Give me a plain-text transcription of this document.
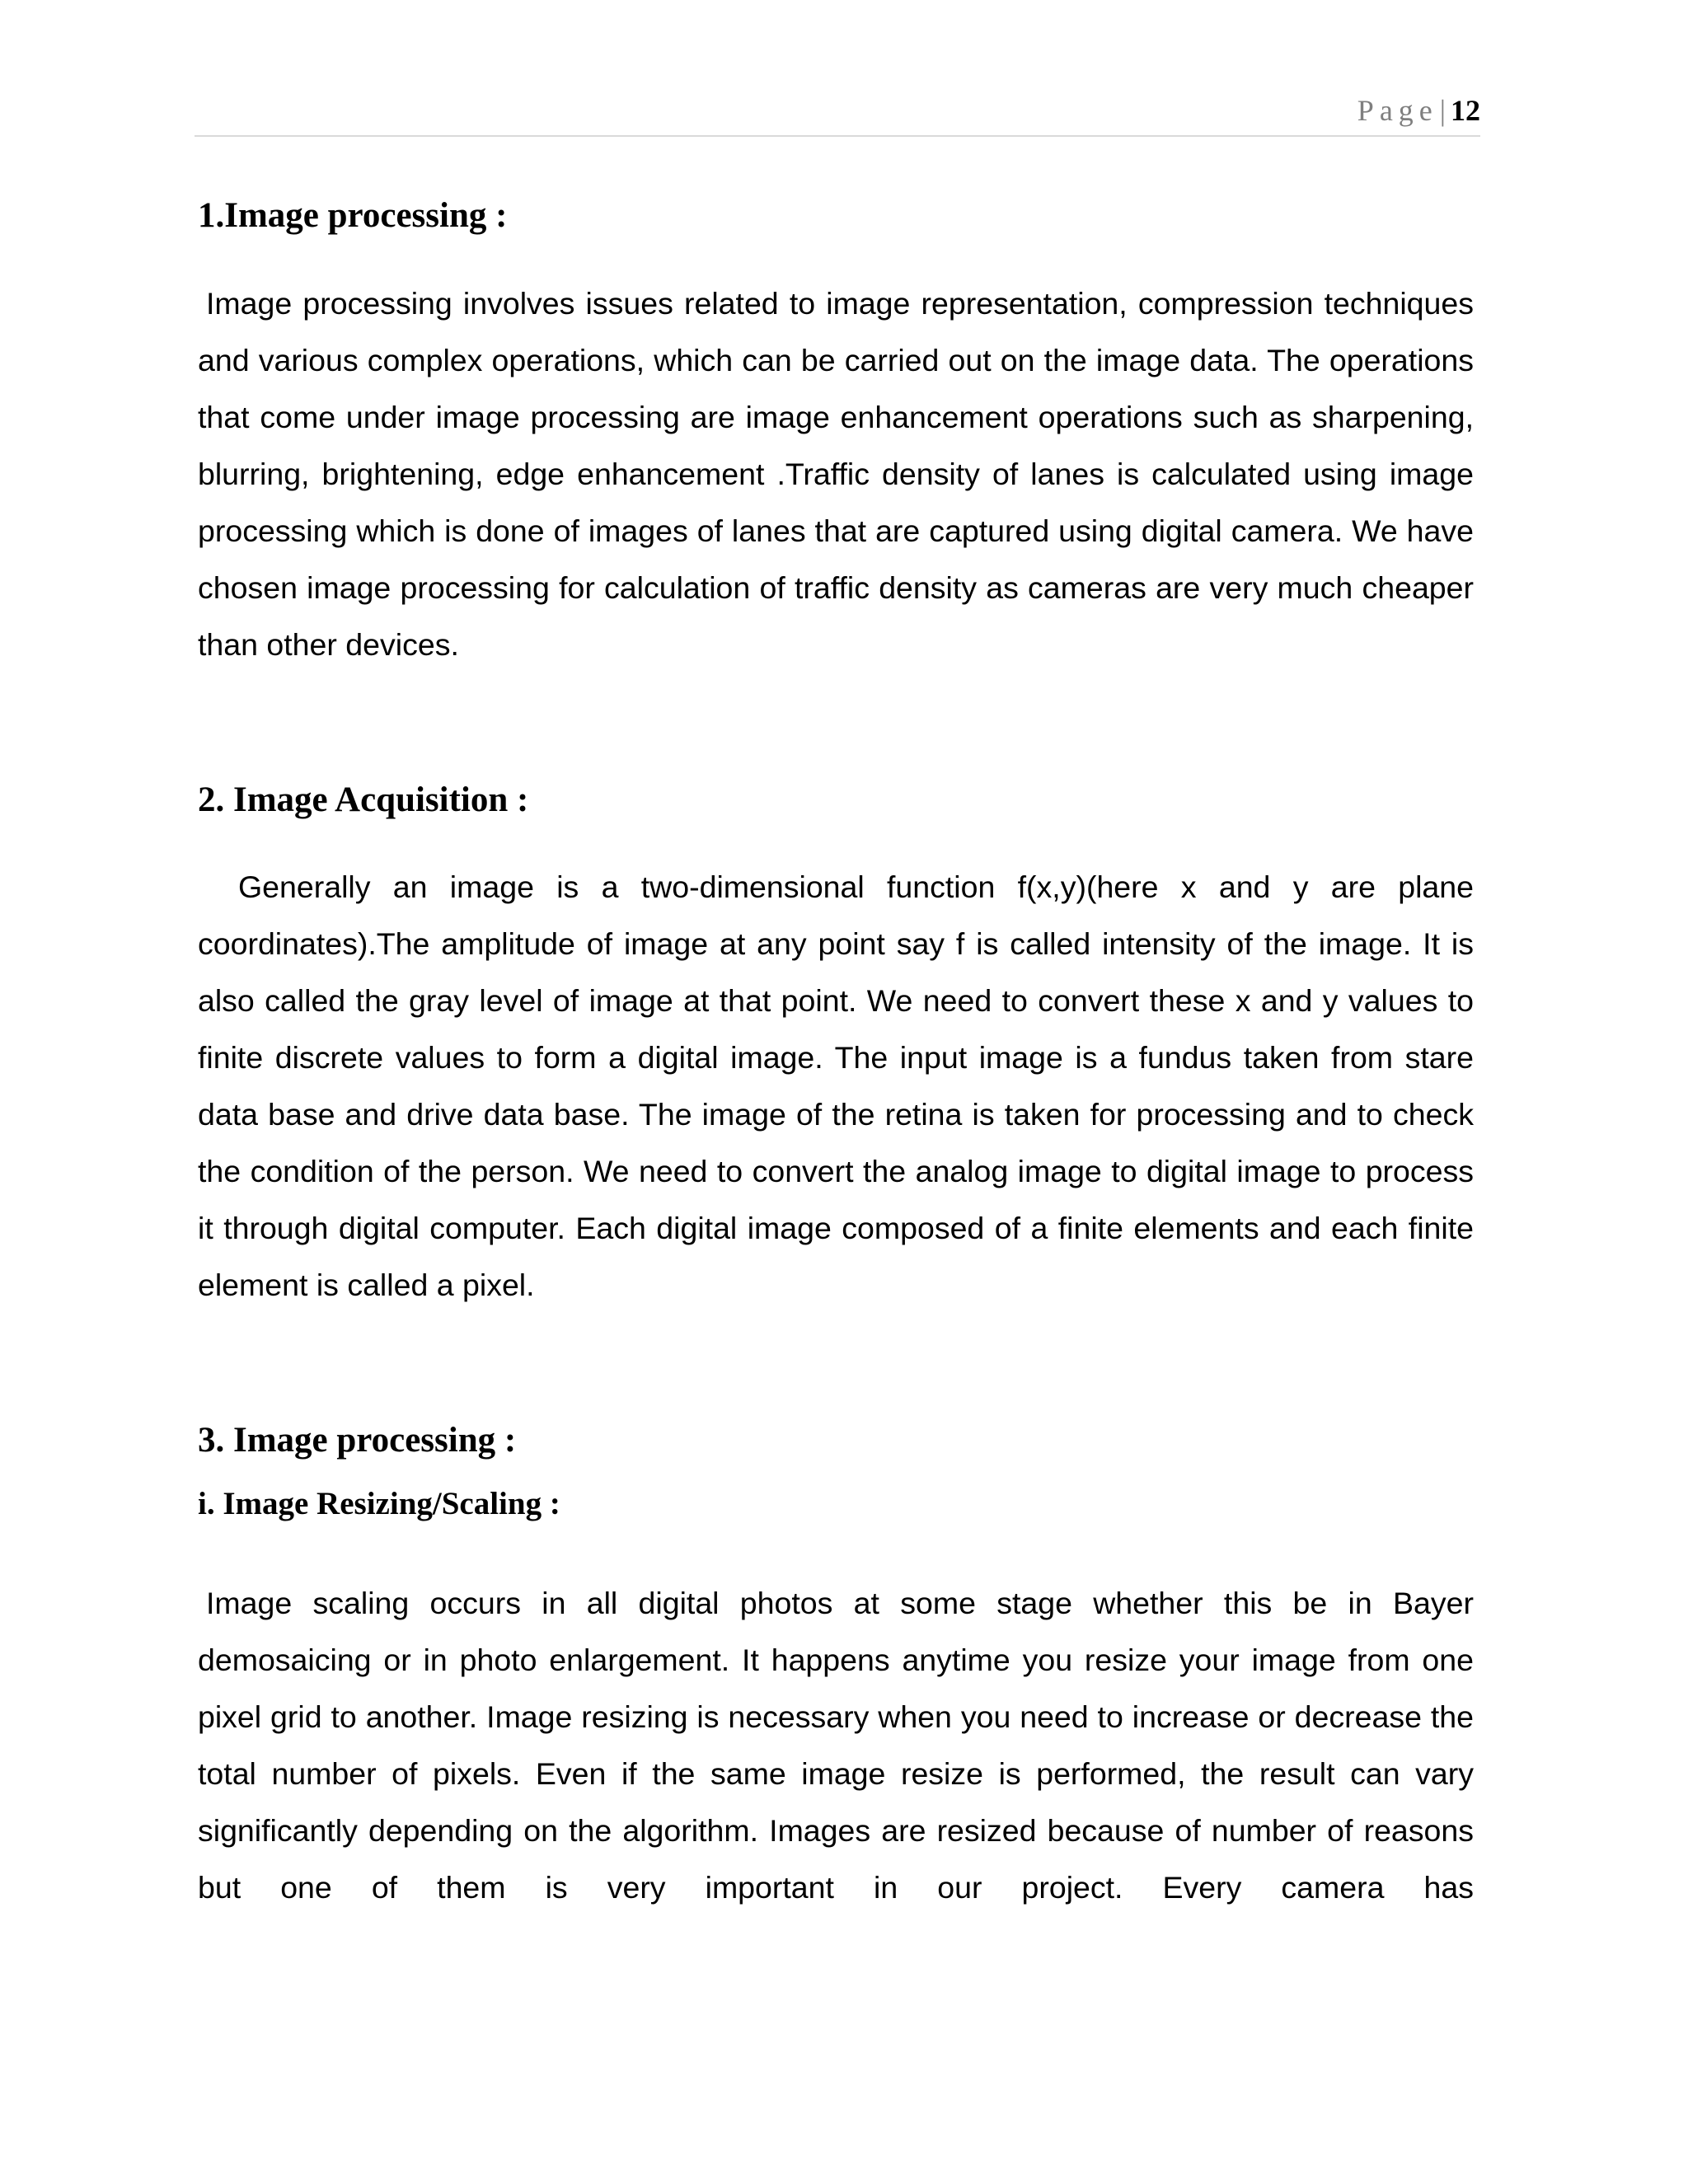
Page| 12
1.Image processing :

Image processing involves issues related to image representation, compression techniques and various complex operations, which can be carried out on the image data. The operations that come under image processing are image enhancement operations such as sharpening, blurring, brightening, edge enhancement .Traffic density of lanes is calculated using image processing which is done of images of lanes that are captured using digital camera. We have chosen image processing for calculation of traffic density as cameras are very much cheaper than other devices.

2. Image Acquisition :

Generally an image is a two-dimensional function f(x,y)(here x and y are plane coordinates).The amplitude of image at any point say f is called intensity of the image. It is also called the gray level of image at that point. We need to convert these x and y values to finite discrete values to form a digital image. The input image is a fundus taken from stare data base and drive data base. The image of the retina is taken for processing and to check the condition of the person. We need to convert the analog image to digital image to process it through digital computer. Each digital image composed of a finite elements and each finite element is called a pixel.

3. Image processing :
i. Image Resizing/Scaling :

Image scaling occurs in all digital photos at some stage whether this be in Bayer demosaicing or in photo enlargement. It happens anytime you resize your image from one pixel grid to another. Image resizing is necessary when you need to increase or decrease the total number of pixels. Even if the same image resize is performed, the result can vary significantly depending on the algorithm. Images are resized because of number of reasons but one of them is very important in our project. Every camera has
